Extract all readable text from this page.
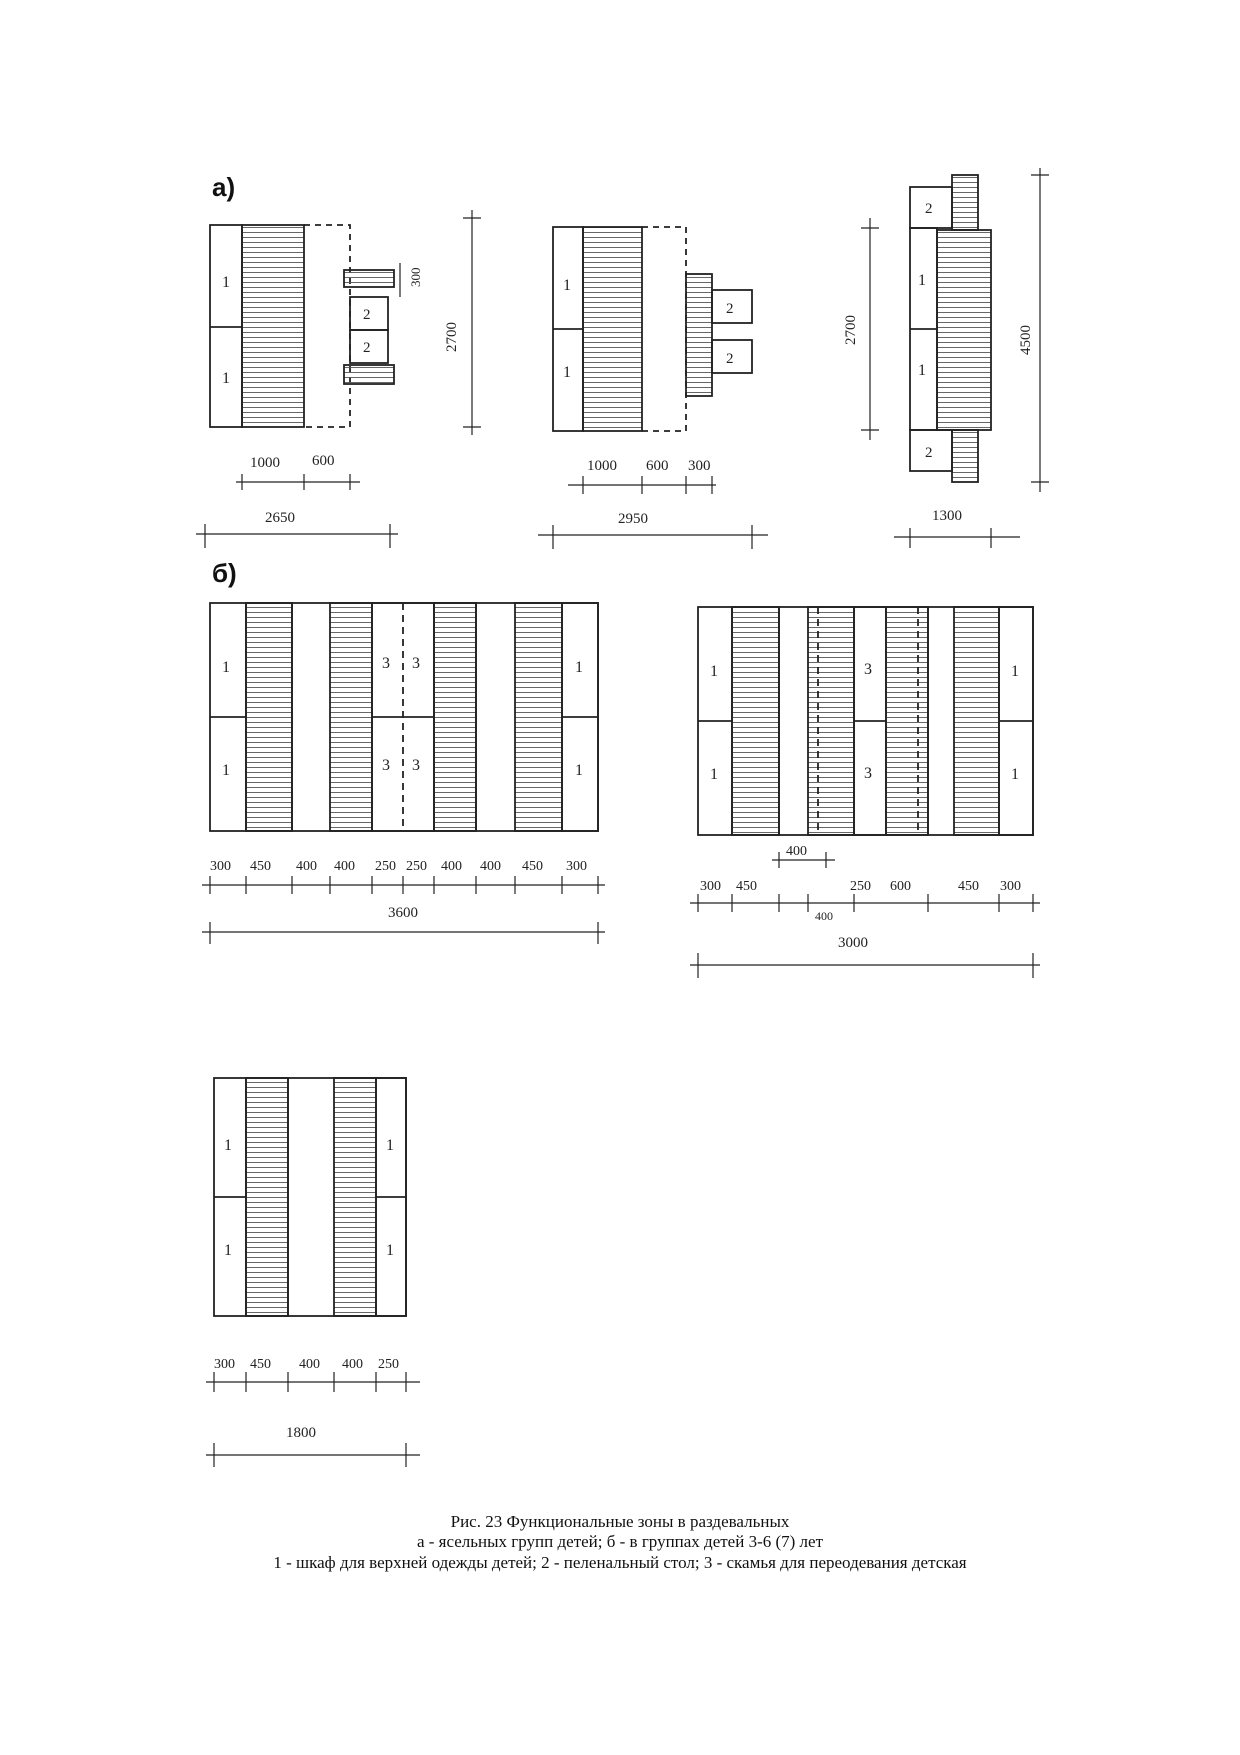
а)
1
1
2
2
300
2700
1000 600
2650
1
1
2
2
1000 600 300
2950
2
1
1
2
2700	4500
1300
б)
1
1
1
1
3 3
3 3
300 450 400 400 250 250 400 400 450 300
3600
1
1
1
1
3
3
400
300 450
400
250 600	450 300
3000
1
1
1
1
300 450 400 400 250
1800
Рис. 23 Функциональные зоны в раздевальных
а - ясельных групп детей; б - в группах детей 3-6 (7) лет
1 - шкаф для верхней одежды детей; 2 - пеленальный стол; 3 - скамья для переодевания детская
